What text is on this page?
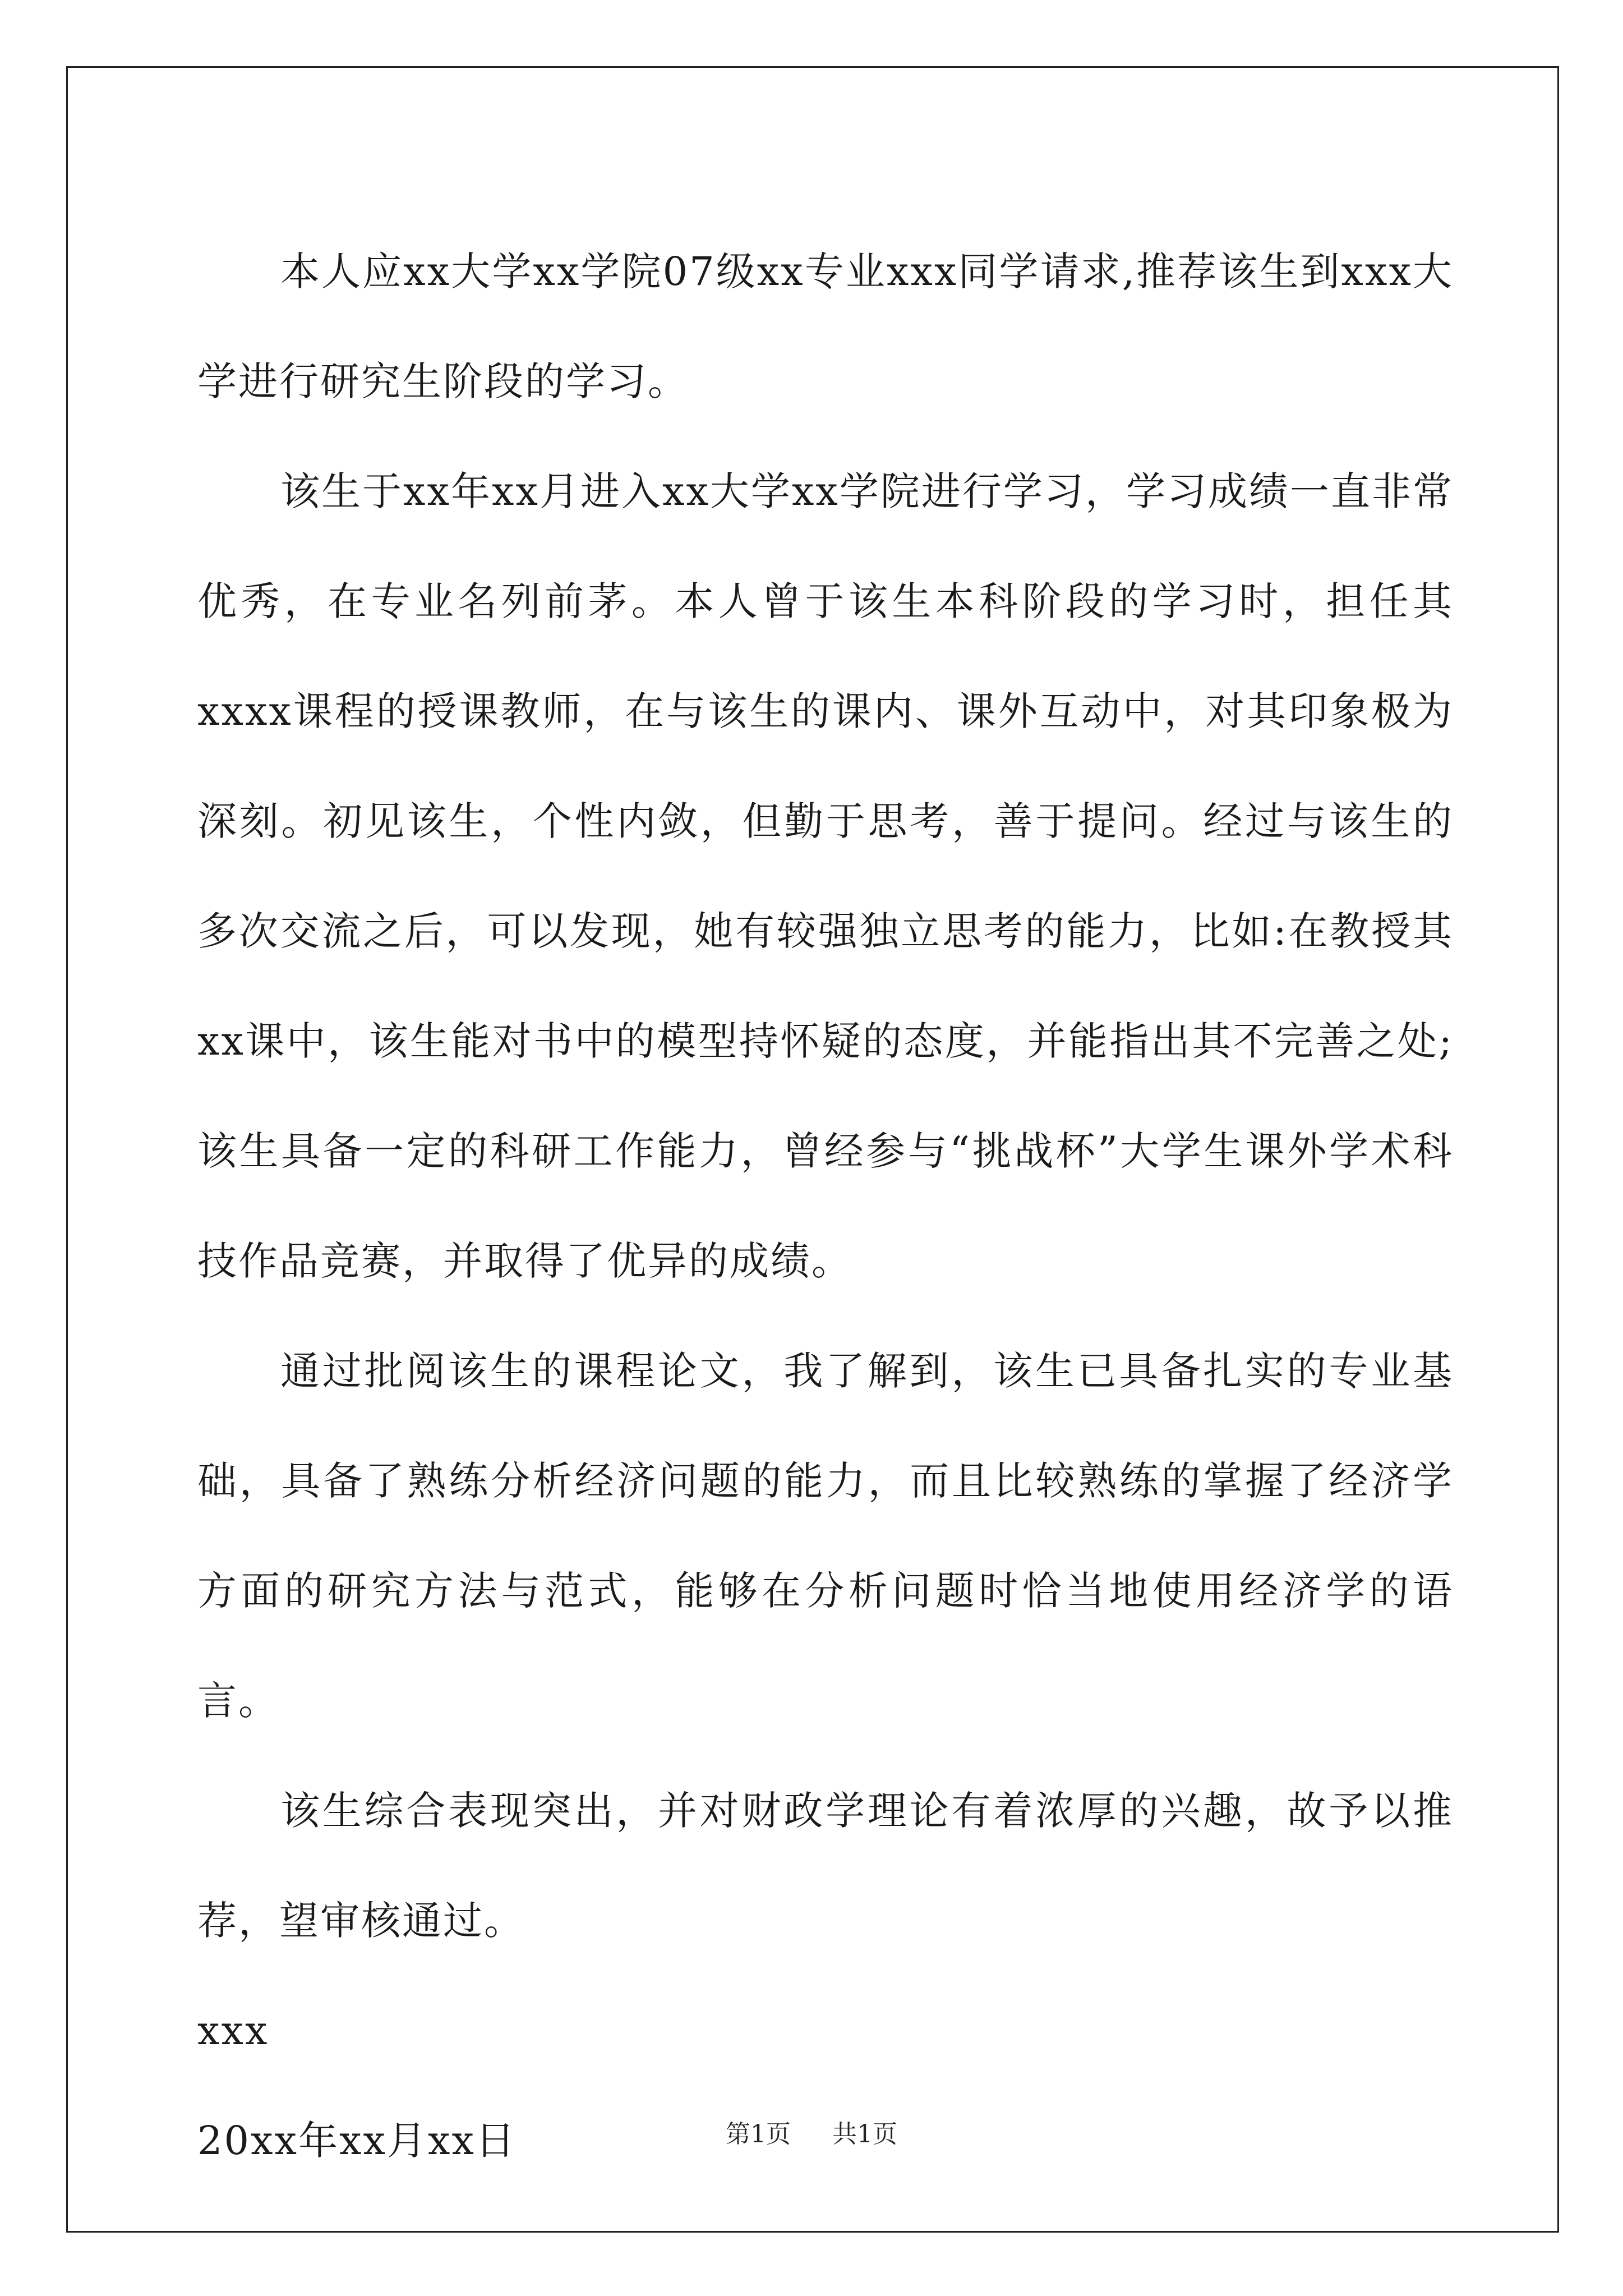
本人应xx大学xx学院07级xx专业xxx同学请求,推荐该生到xxx大学进行研究生阶段的学习。

该生于xx年xx月进入xx大学xx学院进行学习，学习成绩一直非常优秀，在专业名列前茅。本人曾于该生本科阶段的学习时，担任其xxxx课程的授课教师，在与该生的课内、课外互动中，对其印象极为深刻。初见该生，个性内敛，但勤于思考，善于提问。经过与该生的多次交流之后，可以发现，她有较强独立思考的能力，比如:在教授其xx课中，该生能对书中的模型持怀疑的态度，并能指出其不完善之处;该生具备一定的科研工作能力，曾经参与“挑战杯”大学生课外学术科技作品竞赛，并取得了优异的成绩。

通过批阅该生的课程论文，我了解到，该生已具备扎实的专业基础，具备了熟练分析经济问题的能力，而且比较熟练的掌握了经济学方面的研究方法与范式，能够在分析问题时恰当地使用经济学的语言。

该生综合表现突出，并对财政学理论有着浓厚的兴趣，故予以推荐，望审核通过。

xxx

20xx年xx月xx日	第1页 共1页
